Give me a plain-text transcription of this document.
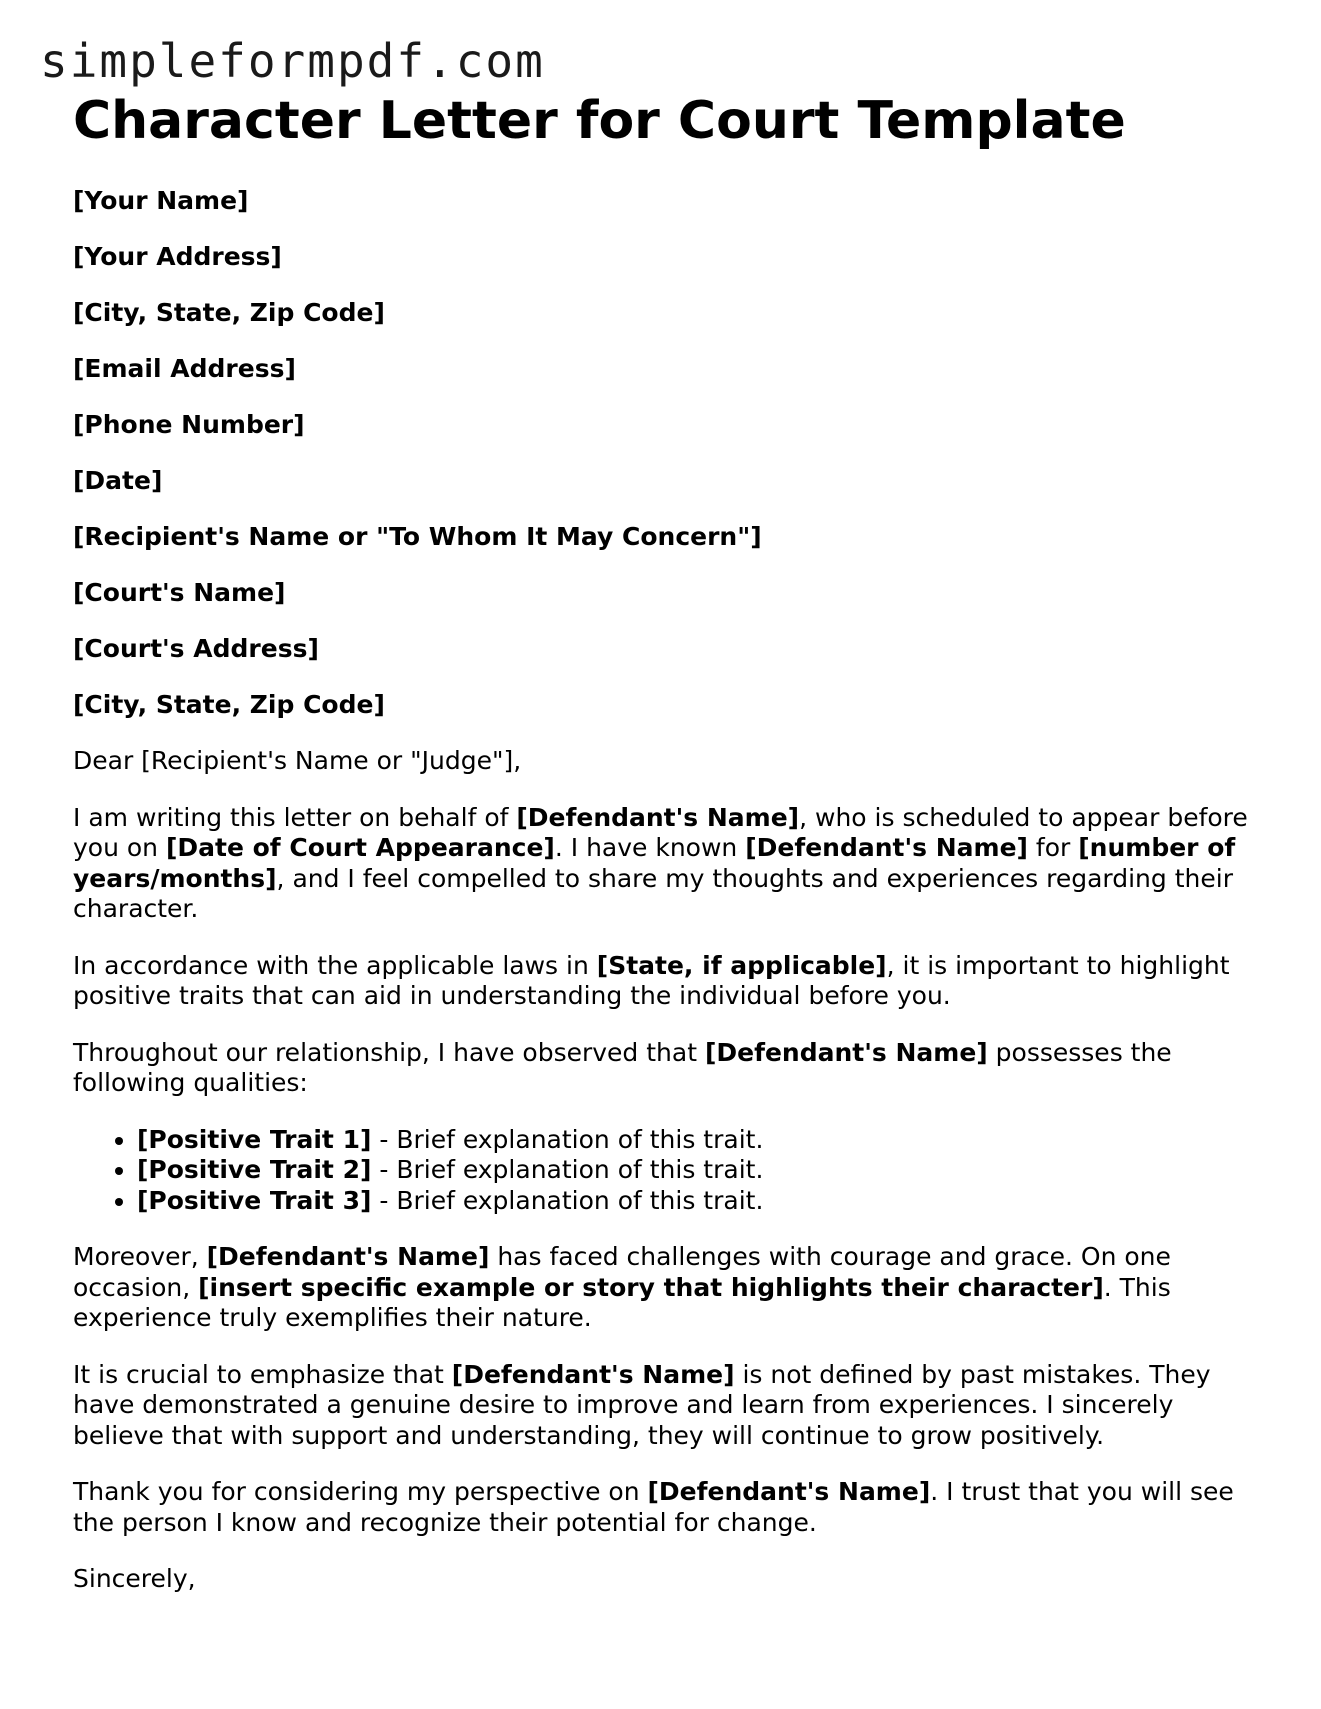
simpleformpdf.com
Character Letter for Court Template

[Your Name]

[Your Address]

[City, State, Zip Code]

[Email Address]

[Phone Number]

[Date]

[Recipient's Name or "To Whom It May Concern"]

[Court's Name]

[Court's Address]

[City, State, Zip Code]

Dear [Recipient's Name or "Judge"],

I am writing this letter on behalf of [Defendant's Name], who is scheduled to appear before you on [Date of Court Appearance]. I have known [Defendant's Name] for [number of years/months], and I feel compelled to share my thoughts and experiences regarding their character.

In accordance with the applicable laws in [State, if applicable], it is important to highlight positive traits that can aid in understanding the individual before you.

Throughout our relationship, I have observed that [Defendant's Name] possesses the following qualities:

• [Positive Trait 1] - Brief explanation of this trait.
• [Positive Trait 2] - Brief explanation of this trait.
• [Positive Trait 3] - Brief explanation of this trait.

Moreover, [Defendant's Name] has faced challenges with courage and grace. On one occasion, [insert specific example or story that highlights their character]. This experience truly exemplifies their nature.

It is crucial to emphasize that [Defendant's Name] is not defined by past mistakes. They have demonstrated a genuine desire to improve and learn from experiences. I sincerely believe that with support and understanding, they will continue to grow positively.

Thank you for considering my perspective on [Defendant's Name]. I trust that you will see the person I know and recognize their potential for change.

Sincerely,
